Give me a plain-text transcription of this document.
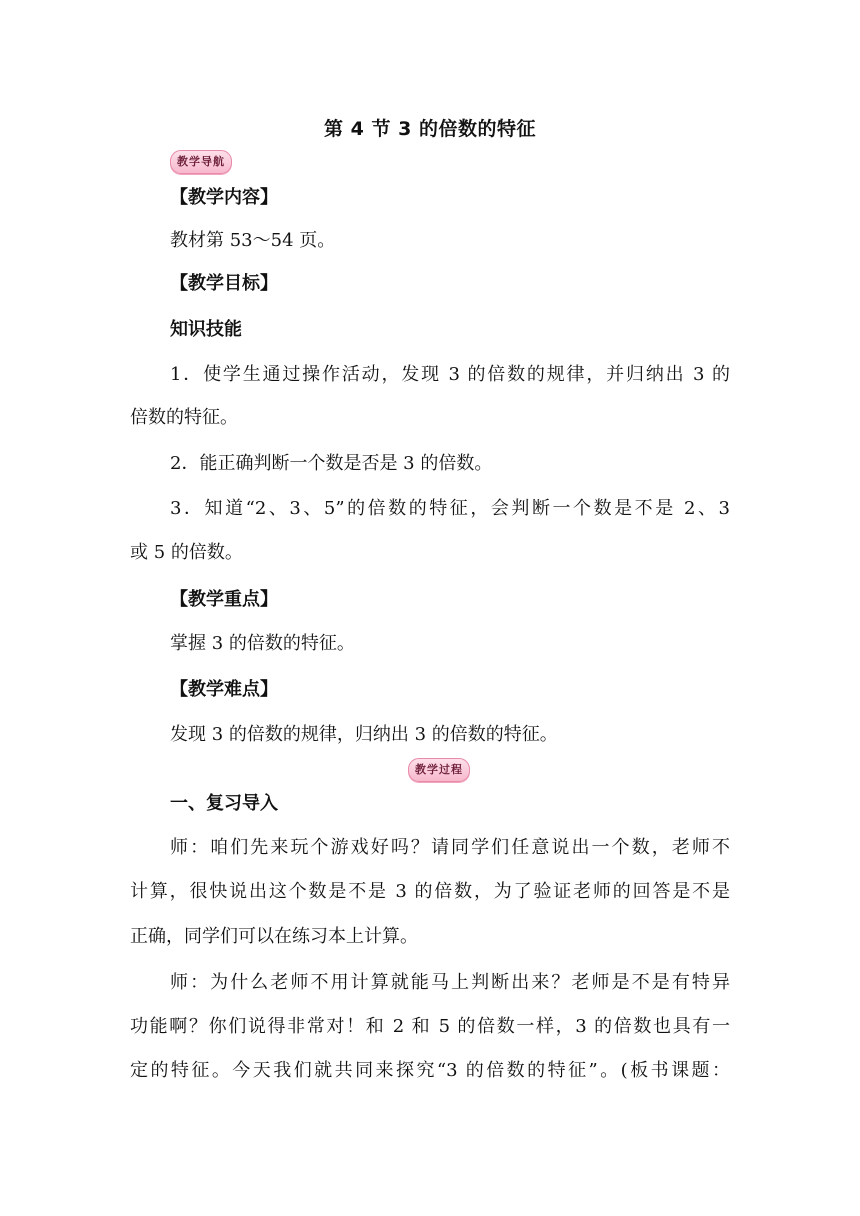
第 4 节 3 的倍数的特征
教学导航
【教学内容】
教材第 53～54 页。
【教学目标】
知识技能
1．使学生通过操作活动，发现 3 的倍数的规律，并归纳出 3 的
倍数的特征。
2．能正确判断一个数是否是 3 的倍数。
3．知道“2、3、5”的倍数的特征，会判断一个数是不是 2、3
或 5 的倍数。
【教学重点】
掌握 3 的倍数的特征。
【教学难点】
发现 3 的倍数的规律，归纳出 3 的倍数的特征。
教学过程
一、复习导入
师：咱们先来玩个游戏好吗？请同学们任意说出一个数，老师不
计算，很快说出这个数是不是 3 的倍数，为了验证老师的回答是不是
正确，同学们可以在练习本上计算。
师：为什么老师不用计算就能马上判断出来？老师是不是有特异
功能啊？你们说得非常对！和 2 和 5 的倍数一样，3 的倍数也具有一
定的特征。今天我们就共同来探究“3 的倍数的特征”。(板书课题：
